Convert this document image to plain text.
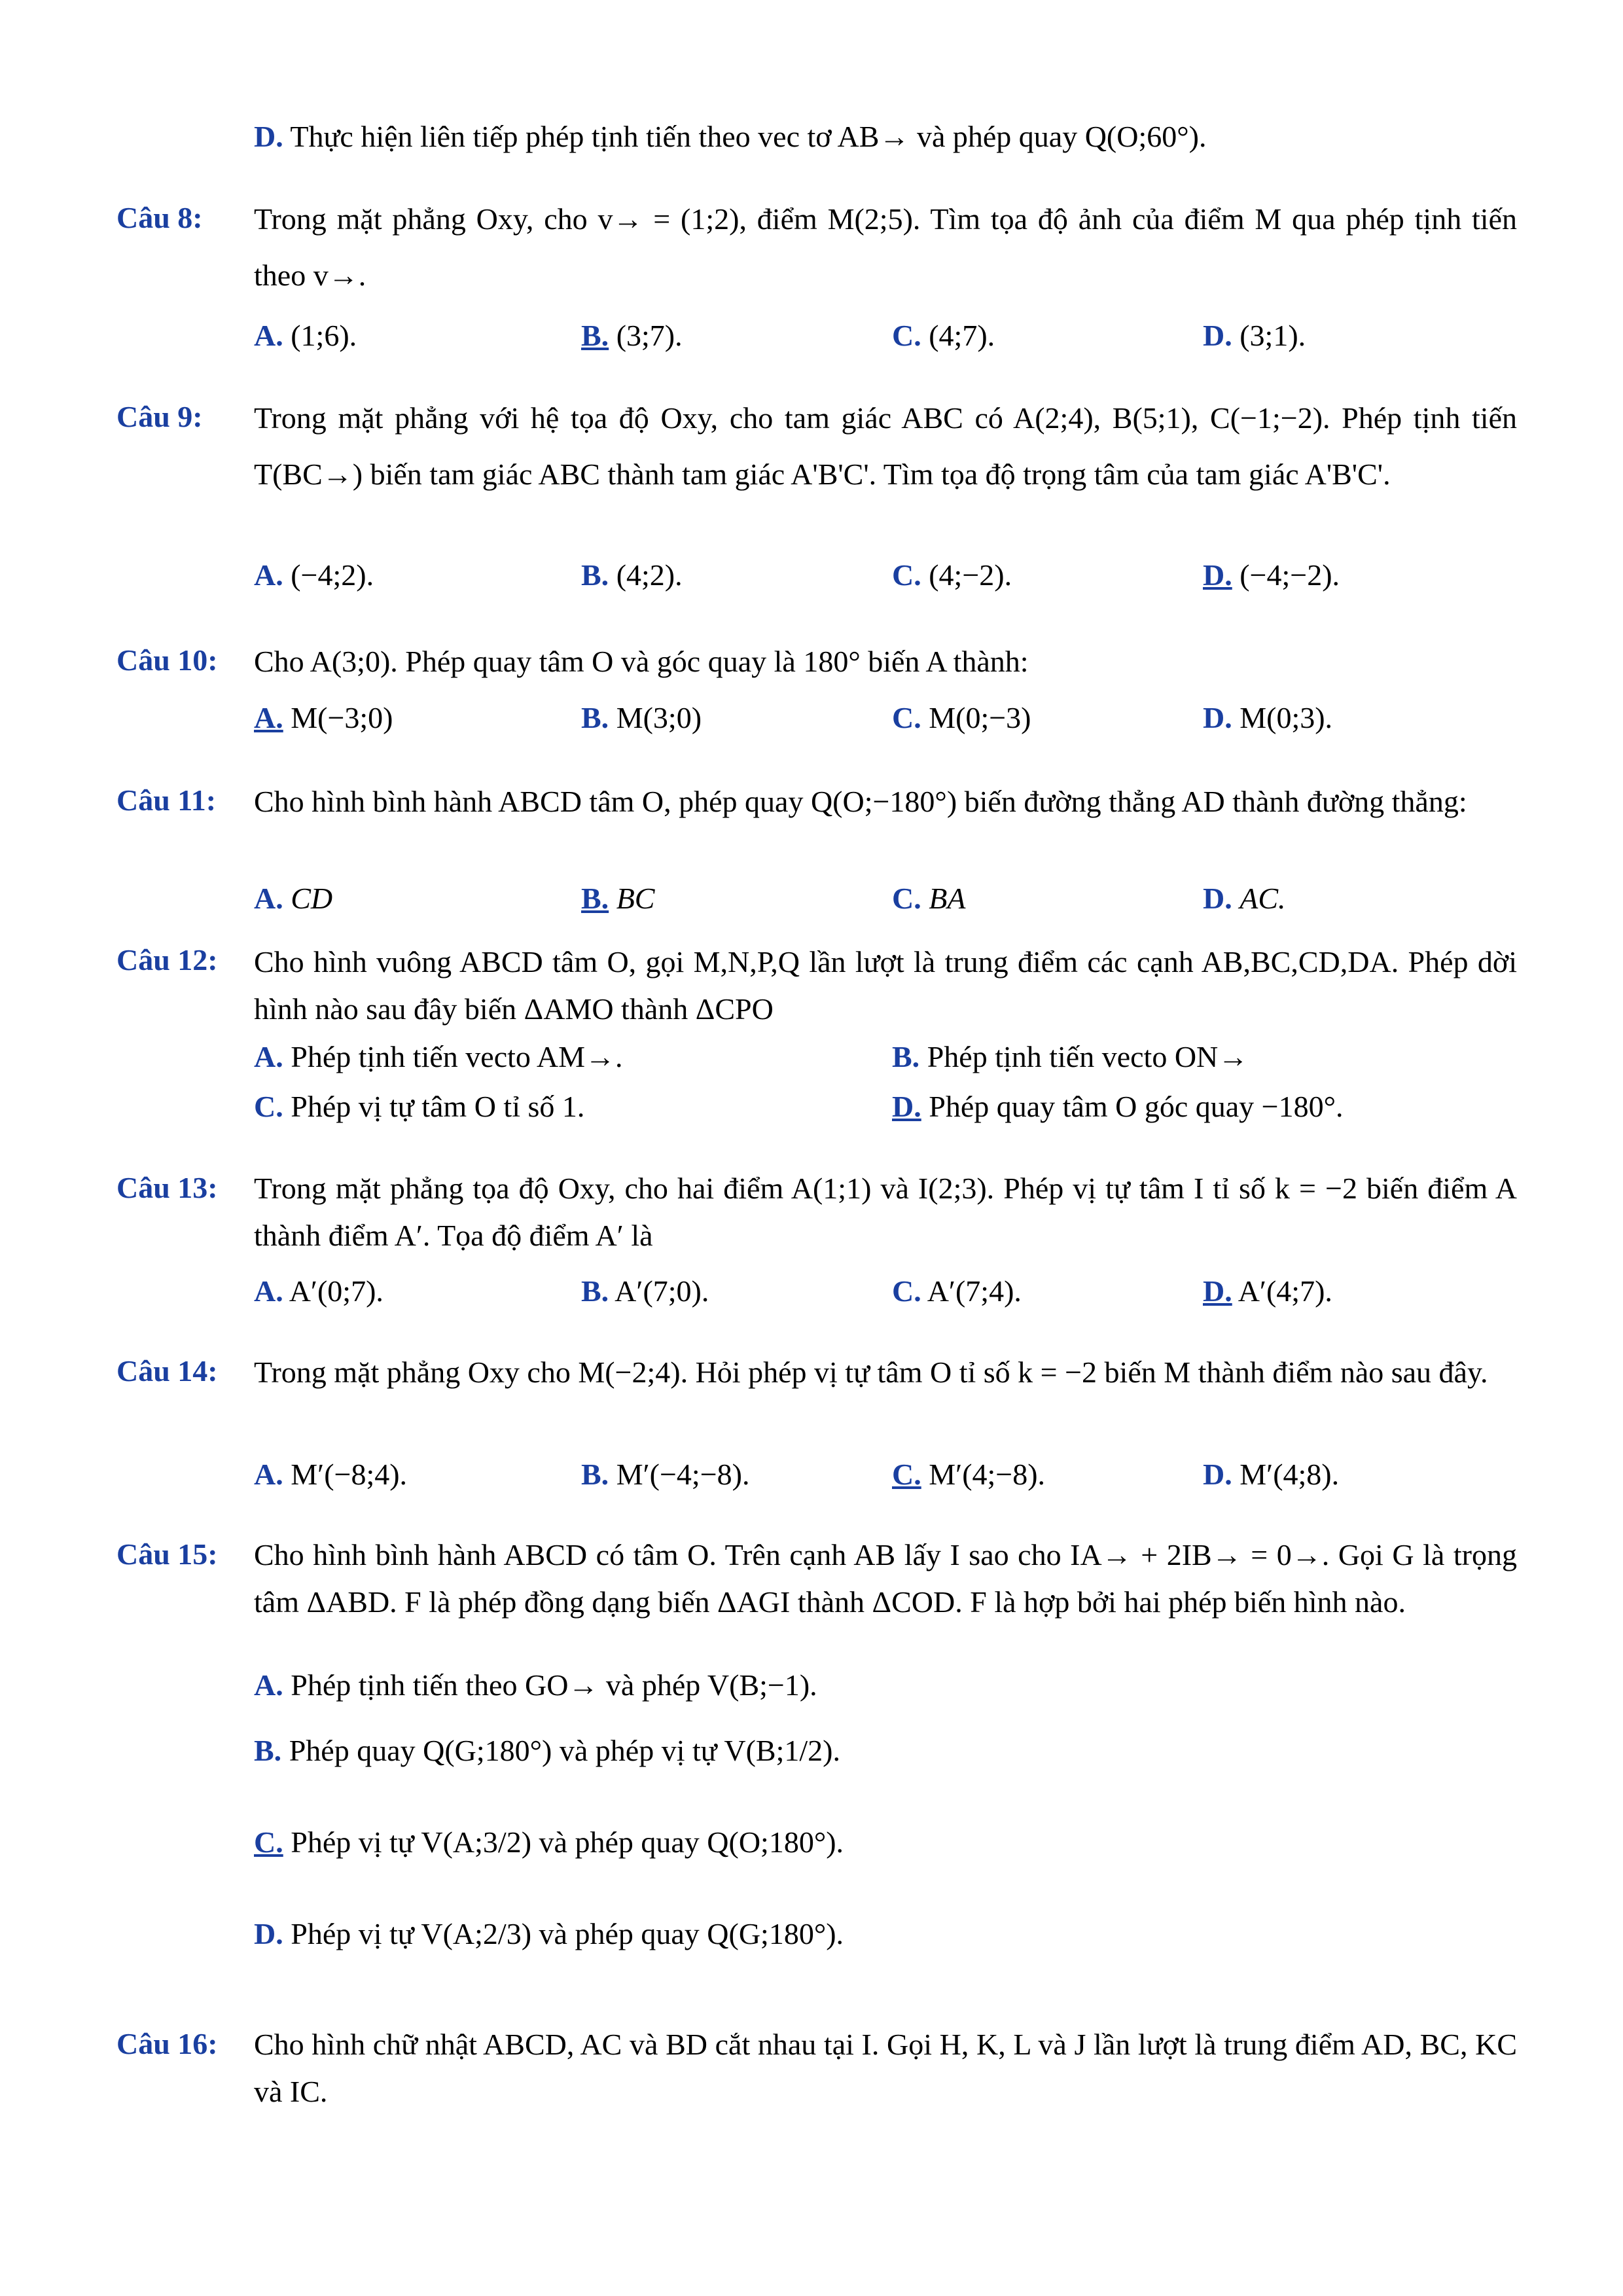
D. Thực hiện liên tiếp phép tịnh tiến theo vec tơ AB→ và phép quay Q(O;60°).
Câu 8: Trong mặt phẳng Oxy, cho v→ = (1;2), điểm M(2;5). Tìm tọa độ ảnh của điểm M qua phép tịnh tiến theo v→.
A. (1;6).	B. (3;7).	C. (4;7).	D. (3;1).
Câu 9: Trong mặt phẳng với hệ tọa độ Oxy, cho tam giác ABC có A(2;4), B(5;1), C(−1;−2). Phép tịnh tiến T(BC→) biến tam giác ABC thành tam giác A'B'C'. Tìm tọa độ trọng tâm của tam giác A'B'C'.
A. (−4;2).	B. (4;2).	C. (4;−2).	D. (−4;−2).
Câu 10: Cho A(3;0). Phép quay tâm O và góc quay là 180° biến A thành:
A. M(−3;0)	B. M(3;0)	C. M(0;−3)	D. M(0;3).
Câu 11: Cho hình bình hành ABCD tâm O, phép quay Q(O;−180°) biến đường thẳng AD thành đường thẳng:
A. CD	B. BC	C. BA	D. AC.
Câu 12: Cho hình vuông ABCD tâm O, gọi M,N,P,Q lần lượt là trung điểm các cạnh AB,BC,CD,DA. Phép dời hình nào sau đây biến ΔAMO thành ΔCPO
A. Phép tịnh tiến vecto AM→.	B. Phép tịnh tiến vecto ON→
C. Phép vị tự tâm O tỉ số 1.	D. Phép quay tâm O góc quay −180°.
Câu 13: Trong mặt phẳng tọa độ Oxy, cho hai điểm A(1;1) và I(2;3). Phép vị tự tâm I tỉ số k = −2 biến điểm A thành điểm A′. Tọa độ điểm A′ là
A. A′(0;7).	B. A′(7;0).	C. A′(7;4).	D. A′(4;7).
Câu 14: Trong mặt phẳng Oxy cho M(−2;4). Hỏi phép vị tự tâm O tỉ số k = −2 biến M thành điểm nào sau đây.
A. M′(−8;4).	B. M′(−4;−8).	C. M′(4;−8).	D. M′(4;8).
Câu 15: Cho hình bình hành ABCD có tâm O. Trên cạnh AB lấy I sao cho IA→ + 2IB→ = 0→. Gọi G là trọng tâm ΔABD. F là phép đồng dạng biến ΔAGI thành ΔCOD. F là hợp bởi hai phép biến hình nào.
A. Phép tịnh tiến theo GO→ và phép V(B;−1).
B. Phép quay Q(G;180°) và phép vị tự V(B;1/2).
C. Phép vị tự V(A;3/2) và phép quay Q(O;180°).
D. Phép vị tự V(A;2/3) và phép quay Q(G;180°).
Câu 16: Cho hình chữ nhật ABCD, AC và BD cắt nhau tại I. Gọi H, K, L và J lần lượt là trung điểm AD, BC, KC và IC.
